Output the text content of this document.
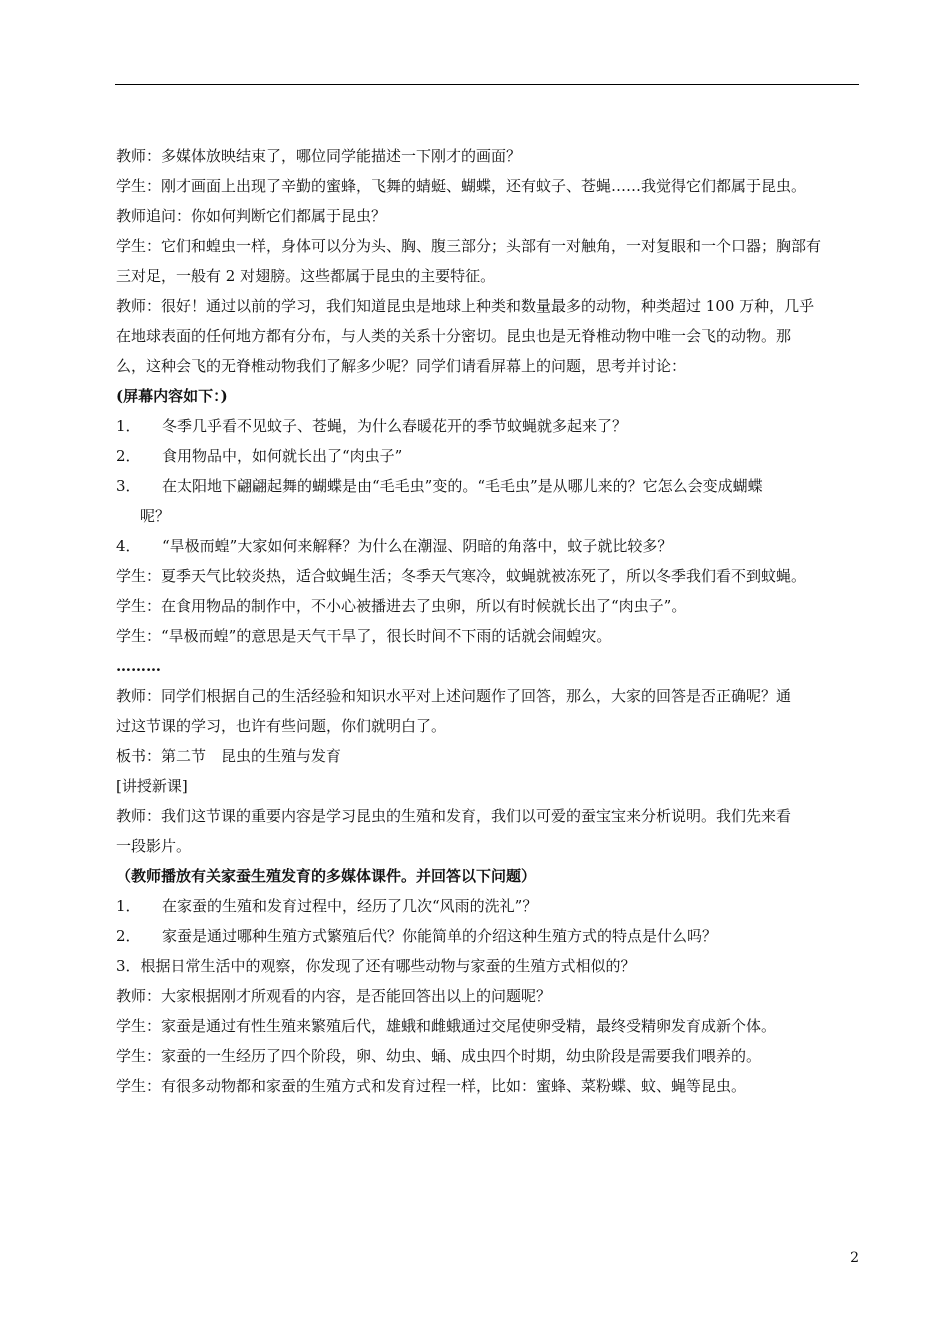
教师：多媒体放映结束了，哪位同学能描述一下刚才的画面？
学生：刚才画面上出现了辛勤的蜜蜂，飞舞的蜻蜓、蝴蝶，还有蚊子、苍蝇……我觉得它们都属于昆虫。
教师追问：你如何判断它们都属于昆虫？
学生：它们和蝗虫一样，身体可以分为头、胸、腹三部分；头部有一对触角，一对复眼和一个口器；胸部有
三对足，一般有 2 对翅膀。这些都属于昆虫的主要特征。
教师：很好！通过以前的学习，我们知道昆虫是地球上种类和数量最多的动物，种类超过 100 万种，几乎
在地球表面的任何地方都有分布，与人类的关系十分密切。昆虫也是无脊椎动物中唯一会飞的动物。那
么，这种会飞的无脊椎动物我们了解多少呢？同学们请看屏幕上的问题，思考并讨论：
(屏幕内容如下：)
1． 冬季几乎看不见蚊子、苍蝇，为什么春暖花开的季节蚊蝇就多起来了？
2． 食用物品中，如何就长出了“肉虫子”
3． 在太阳地下翩翩起舞的蝴蝶是由“毛毛虫”变的。“毛毛虫”是从哪儿来的？它怎么会变成蝴蝶
呢？
4． “旱极而蝗”大家如何来解释？为什么在潮湿、阴暗的角落中，蚊子就比较多？
学生：夏季天气比较炎热，适合蚊蝇生活；冬季天气寒冷，蚊蝇就被冻死了，所以冬季我们看不到蚊蝇。
学生：在食用物品的制作中，不小心被播进去了虫卵，所以有时候就长出了“肉虫子”。
学生：“旱极而蝗”的意思是天气干旱了，很长时间不下雨的话就会闹蝗灾。
………
教师：同学们根据自己的生活经验和知识水平对上述问题作了回答，那么，大家的回答是否正确呢？通
过这节课的学习，也许有些问题，你们就明白了。
板书：第二节　昆虫的生殖与发育
[讲授新课]
教师：我们这节课的重要内容是学习昆虫的生殖和发育，我们以可爱的蚕宝宝来分析说明。我们先来看
一段影片。
（教师播放有关家蚕生殖发育的多媒体课件。并回答以下问题）
1． 在家蚕的生殖和发育过程中，经历了几次“风雨的洗礼”？
2． 家蚕是通过哪种生殖方式繁殖后代？你能简单的介绍这种生殖方式的特点是什么吗？
3．根据日常生活中的观察，你发现了还有哪些动物与家蚕的生殖方式相似的？
教师：大家根据刚才所观看的内容，是否能回答出以上的问题呢？
学生：家蚕是通过有性生殖来繁殖后代，雄蛾和雌蛾通过交尾使卵受精，最终受精卵发育成新个体。
学生：家蚕的一生经历了四个阶段，卵、幼虫、蛹、成虫四个时期，幼虫阶段是需要我们喂养的。
学生：有很多动物都和家蚕的生殖方式和发育过程一样，比如：蜜蜂、菜粉蝶、蚊、蝇等昆虫。
2
